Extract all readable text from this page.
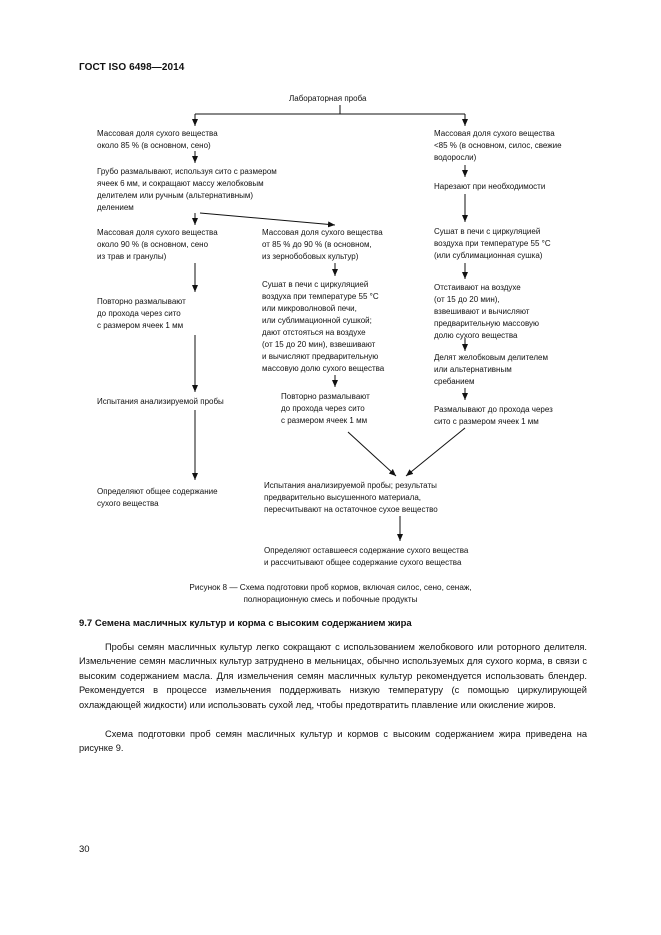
ГОСТ ISO 6498—2014
Лабораторная проба
Массовая доля сухого вещества
около 85 % (в основном, сено)
Грубо размалывают, используя сито с размером
ячеек 6 мм, и сокращают массу желобковым
делителем или ручным (альтернативным)
делением
Массовая доля сухого вещества
около 90 % (в основном, сено
из трав и гранулы)
Повторно размалывают
до прохода через сито
с размером ячеек 1 мм
Испытания анализируемой пробы
Определяют общее содержание
сухого вещества
Массовая доля сухого вещества
от 85 % до 90 % (в основном,
из зернобобовых культур)
Сушат в печи с циркуляцией
воздуха при температуре 55 °С
или микроволновой печи,
или сублимационной сушкой;
дают отстояться на воздухе
(от 15 до 20 мин), взвешивают
и вычисляют предварительную
массовую долю сухого вещества
Повторно размалывают
до прохода через сито
с размером ячеек 1 мм
Массовая доля сухого вещества
<85 % (в основном, силос, свежие
водоросли)
Нарезают при необходимости
Сушат в печи с циркуляцией
воздуха при температуре 55 °С
(или сублимационная сушка)
Отстаивают на воздухе
(от 15 до 20 мин),
взвешивают и вычисляют
предварительную массовую
долю сухого вещества
Делят желобковым делителем
или альтернативным
сребанием
Размалывают до прохода через
сито с размером ячеек 1 мм
Испытания анализируемой пробы; результаты
предварительно высушенного материала,
пересчитывают на остаточное сухое вещество
Определяют оставшееся содержание сухого вещества
и рассчитывают общее содержание сухого вещества
Рисунок 8 — Схема подготовки проб кормов, включая силос, сено, сенаж,
полнорационную смесь и побочные продукты
9.7 Семена масличных культур и корма с высоким содержанием жира
Пробы семян масличных культур легко сокращают с использованием желобкового или роторного делителя. Измельчение семян масличных культур затруднено в мельницах, обычно используемых для сухого корма, в связи с высоким содержанием масла. Для измельчения семян масличных культур рекомендуется использовать блендер. Рекомендуется в процессе измельчения поддерживать низкую температуру (с помощью циркулирующей охлаждающей жидкости) или использовать сухой лед, чтобы предотвратить плавление или окисление жиров.
Схема подготовки проб семян масличных культур и кормов с высоким содержанием жира приведена на рисунке 9.
30
